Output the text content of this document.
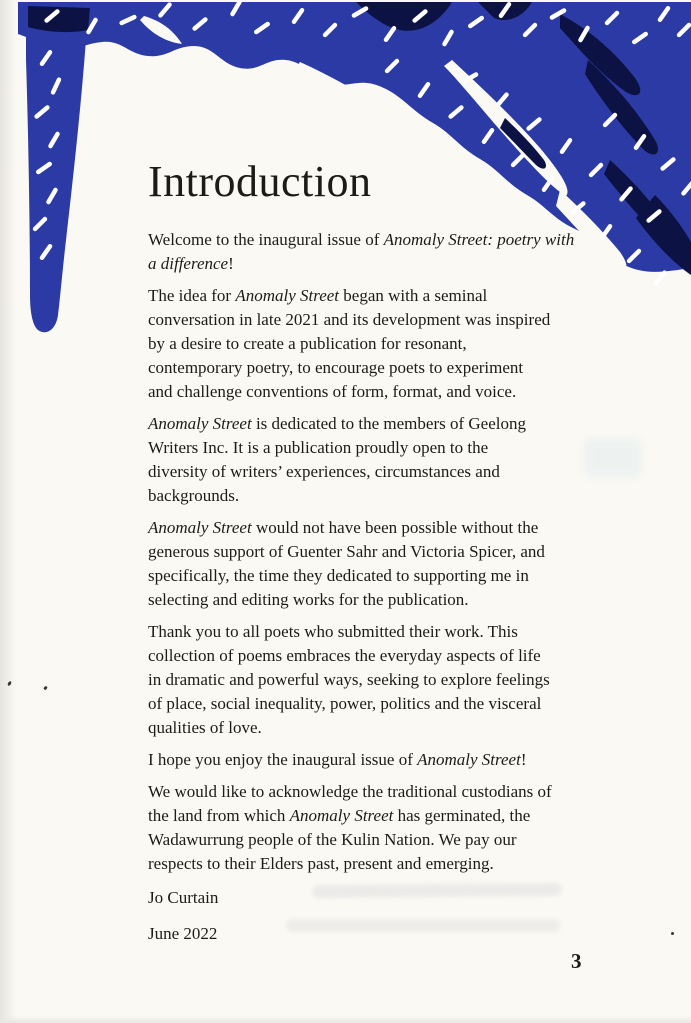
Introduction

Welcome to the inaugural issue of Anomaly Street: poetry with
a difference!

The idea for Anomaly Street began with a seminal
conversation in late 2021 and its development was inspired
by a desire to create a publication for resonant,
contemporary poetry, to encourage poets to experiment
and challenge conventions of form, format, and voice.

Anomaly Street is dedicated to the members of Geelong
Writers Inc. It is a publication proudly open to the
diversity of writers’ experiences, circumstances and
backgrounds.

Anomaly Street would not have been possible without the
generous support of Guenter Sahr and Victoria Spicer, and
specifically, the time they dedicated to supporting me in
selecting and editing works for the publication.

Thank you to all poets who submitted their work. This
collection of poems embraces the everyday aspects of life
in dramatic and powerful ways, seeking to explore feelings
of place, social inequality, power, politics and the visceral
qualities of love.

I hope you enjoy the inaugural issue of Anomaly Street!

We would like to acknowledge the traditional custodians of
the land from which Anomaly Street has germinated, the
Wadawurrung people of the Kulin Nation. We pay our
respects to their Elders past, present and emerging.

Jo Curtain

June 2022

3
